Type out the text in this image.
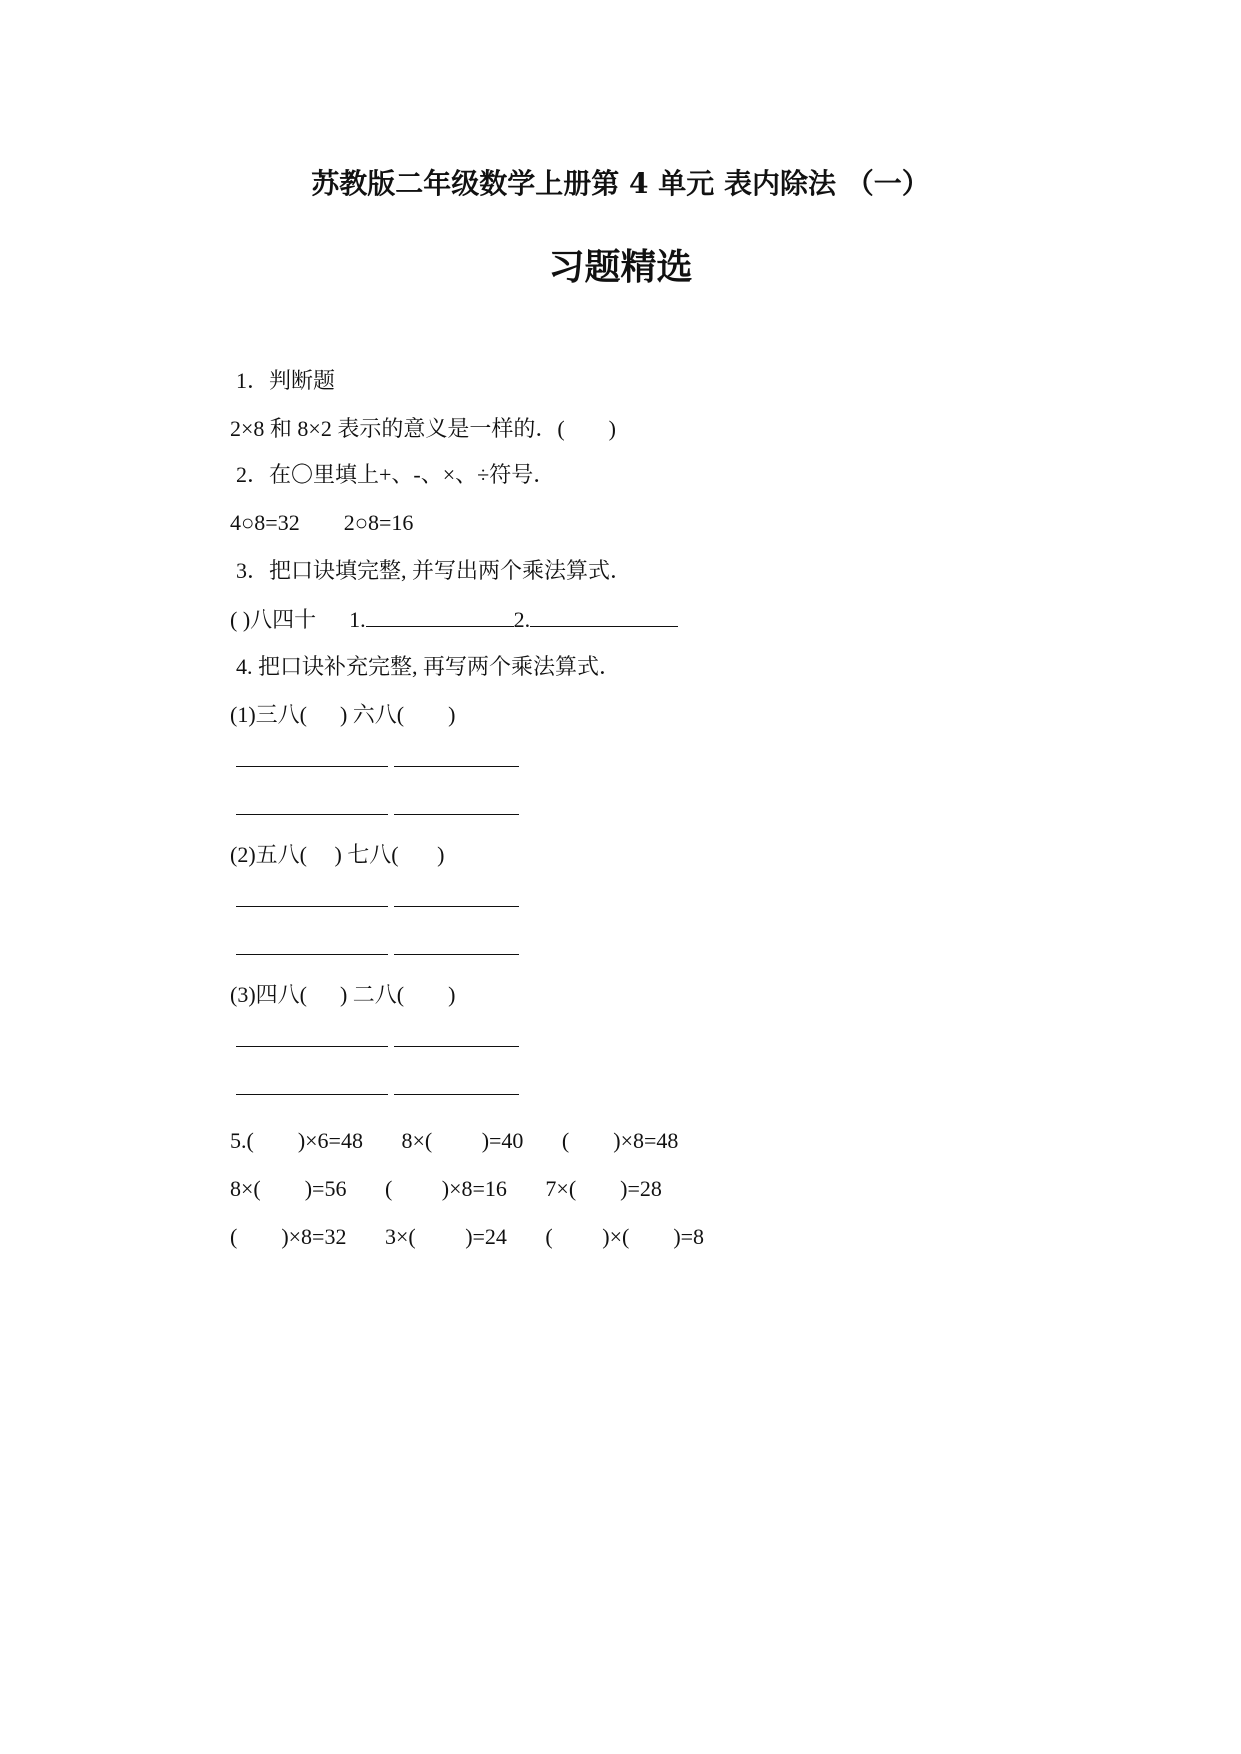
苏教版二年级数学上册第 4 单元 表内除法 （一）
习题精选
1．判断题
2×8 和 8×2 表示的意义是一样的．(        )
2．在〇里填上+、-、×、÷符号．
4○8=32        2○8=16
3．把口诀填完整, 并写出两个乘法算式．
( )八四十      1.	2.
4. 把口诀补充完整, 再写两个乘法算式．
(1)三八(      ) 六八(        )
(2)五八(     ) 七八(       )
(3)四八(      ) 二八(        )
5.(        )×6=48       8×(         )=40       (        )×8=48
8×(        )=56       (         )×8=16       7×(        )=28
(        )×8=32       3×(         )=24       (         )×(        )=8
